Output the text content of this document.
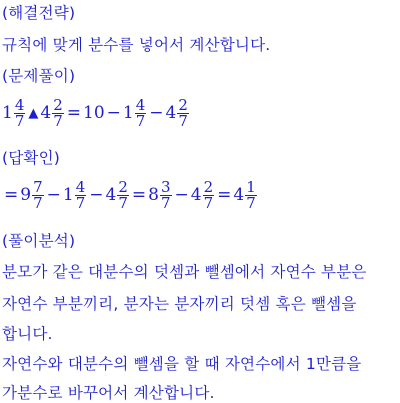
(해결전략)
규칙에 맞게 분수를 넣어서 계산합니다.
(문제풀이)
$1 \frac{4}{7}$ ▲ $4 \frac{2}{7} = 10 - 1 \frac{4}{7} - 4 \frac{2}{7}$
(답확인)
= $9 \frac{7}{7} - 1 \frac{4}{7} - 4 \frac{2}{7} = 8 \frac{3}{7} - 4 \frac{2}{7} = 4 \frac{1}{7}$
(풀이분석)
분모가 같은 대분수의 덧셈과 뺄셈에서 자연수 부분은
자연수 부분끼리, 분자는 분자끼리 덧셈 혹은 뺄셈을
합니다.
자연수와 대분수의 뺄셈을 할 때 자연수에서 1만큼을
가분수로 바꾸어서 계산합니다.
